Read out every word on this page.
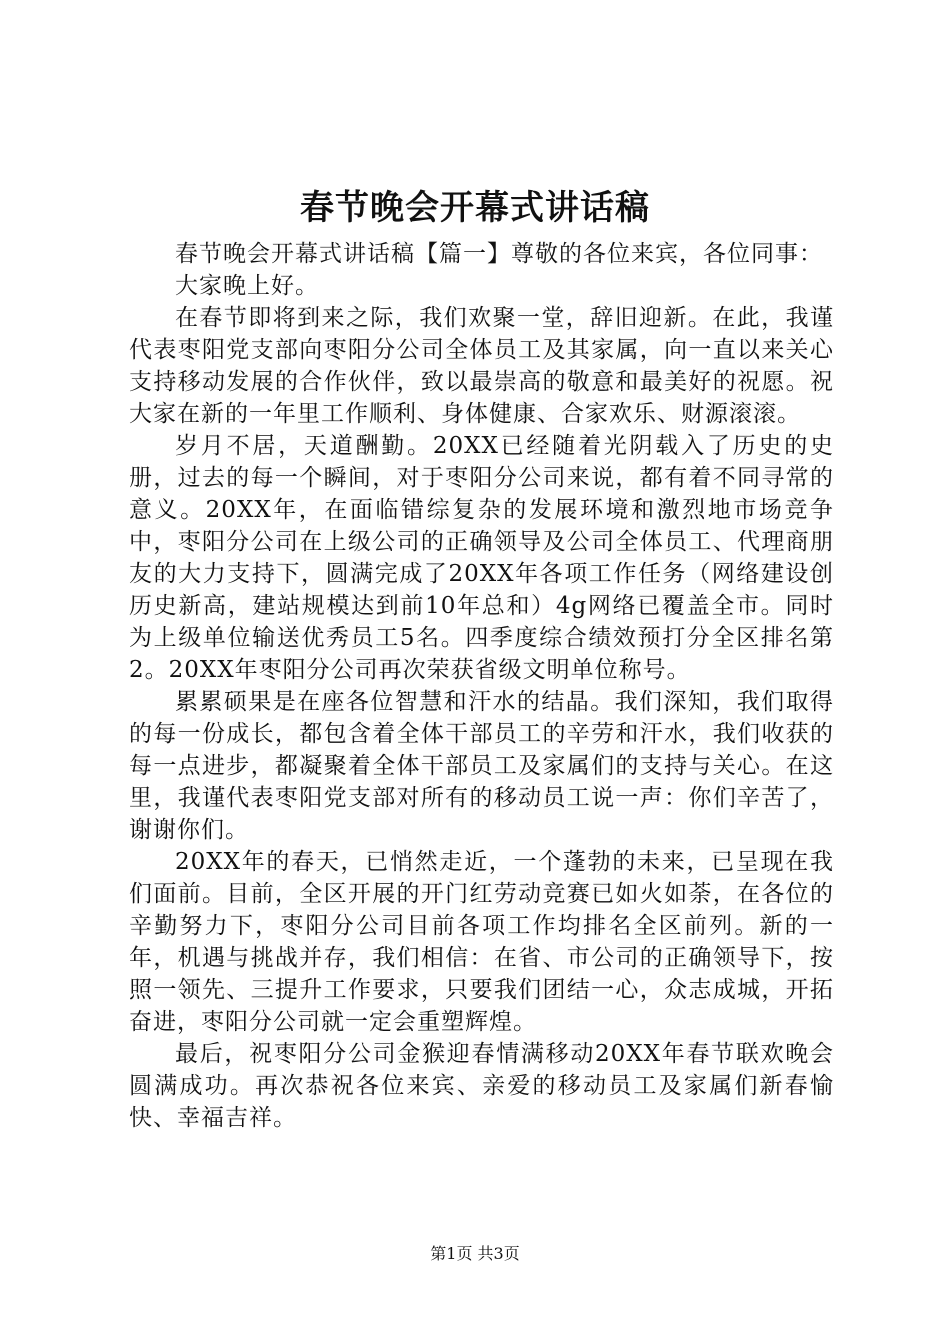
春节晚会开幕式讲话稿

春节晚会开幕式讲话稿【篇一】尊敬的各位来宾，各位同事：

大家晚上好。

在春节即将到来之际，我们欢聚一堂，辞旧迎新。在此，我谨代表枣阳党支部向枣阳分公司全体员工及其家属，向一直以来关心支持移动发展的合作伙伴，致以最崇高的敬意和最美好的祝愿。祝大家在新的一年里工作顺利、身体健康、合家欢乐、财源滚滚。

岁月不居，天道酬勤。20XX已经随着光阴载入了历史的史册，过去的每一个瞬间，对于枣阳分公司来说，都有着不同寻常的意义。20XX年，在面临错综复杂的发展环境和激烈地市场竞争中，枣阳分公司在上级公司的正确领导及公司全体员工、代理商朋友的大力支持下，圆满完成了20XX年各项工作任务（网络建设创历史新高，建站规模达到前10年总和）4g网络已覆盖全市。同时为上级单位输送优秀员工5名。四季度综合绩效预打分全区排名第2。20XX年枣阳分公司再次荣获省级文明单位称号。

累累硕果是在座各位智慧和汗水的结晶。我们深知，我们取得的每一份成长，都包含着全体干部员工的辛劳和汗水，我们收获的每一点进步，都凝聚着全体干部员工及家属们的支持与关心。在这里，我谨代表枣阳党支部对所有的移动员工说一声：你们辛苦了，谢谢你们。

20XX年的春天，已悄然走近，一个蓬勃的未来，已呈现在我们面前。目前，全区开展的开门红劳动竞赛已如火如荼，在各位的辛勤努力下，枣阳分公司目前各项工作均排名全区前列。新的一年，机遇与挑战并存，我们相信：在省、市公司的正确领导下，按照一领先、三提升工作要求，只要我们团结一心，众志成城，开拓奋进，枣阳分公司就一定会重塑辉煌。

最后，祝枣阳分公司金猴迎春情满移动20XX年春节联欢晚会圆满成功。再次恭祝各位来宾、亲爱的移动员工及家属们新春愉快、幸福吉祥。

第1页 共3页
